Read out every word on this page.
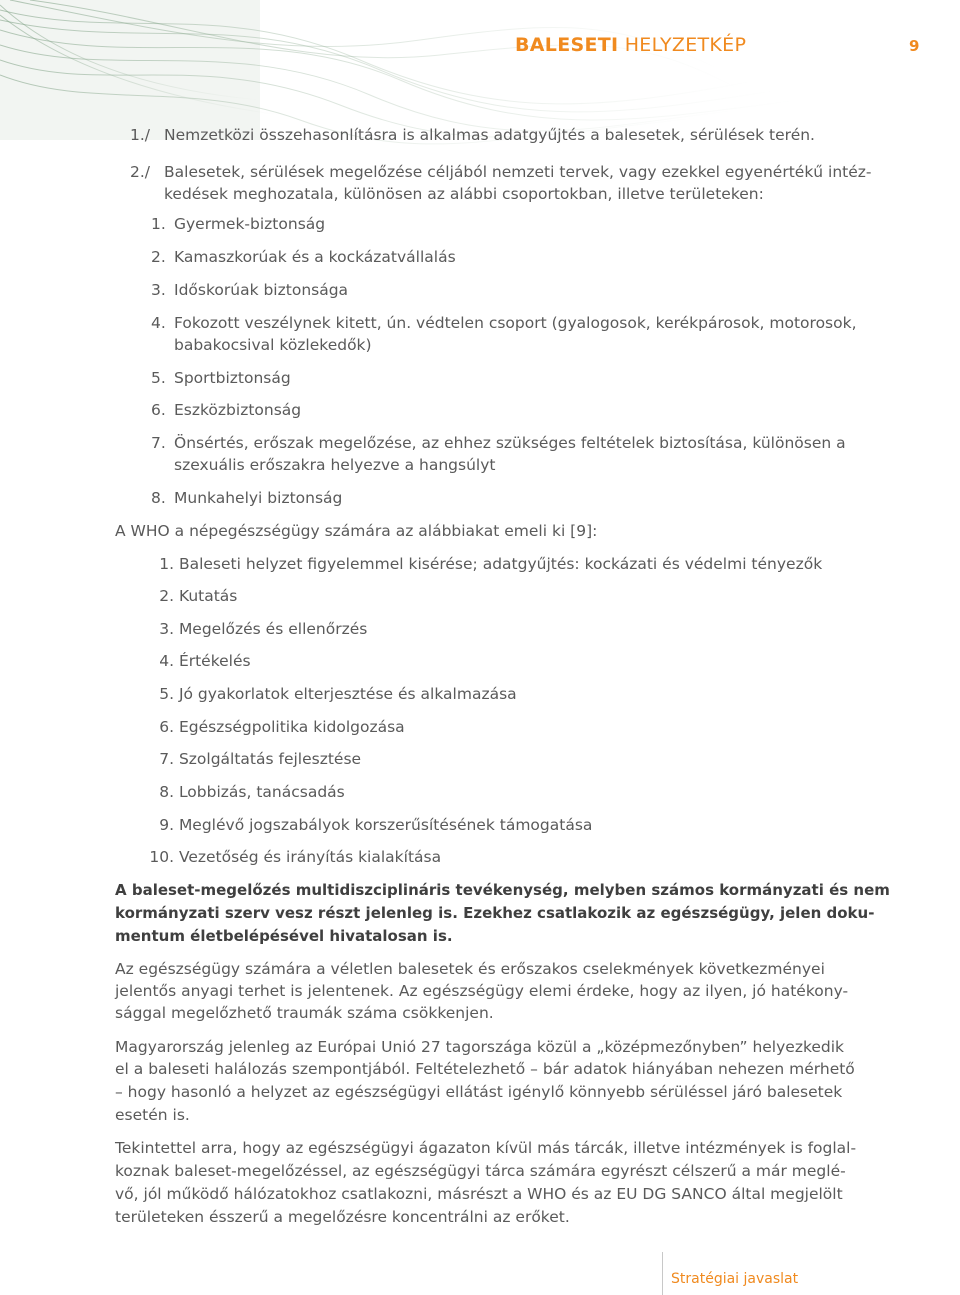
BALESETI HELYZETKÉP	9
1./ Nemzetközi összehasonlításra is alkalmas adatgyűjtés a balesetek, sérülések terén.
2./ Balesetek, sérülések megelőzése céljából nemzeti tervek, vagy ezekkel egyenértékű intéz-
kedések meghozatala, különösen az alábbi csoportokban, illetve területeken:
1. Gyermek-biztonság
2. Kamaszkorúak és a kockázatvállalás
3. Időskorúak biztonsága
4. Fokozott veszélynek kitett, ún. védtelen csoport (gyalogosok, kerékpárosok, motorosok,
babakocsival közlekedők)
5. Sportbiztonság
6. Eszközbiztonság
7. Önsértés, erőszak megelőzése, az ehhez szükséges feltételek biztosítása, különösen a
szexuális erőszakra helyezve a hangsúlyt
8. Munkahelyi biztonság
A WHO a népegészségügy számára az alábbiakat emeli ki [9]:
1. Baleseti helyzet figyelemmel kisérése; adatgyűjtés: kockázati és védelmi tényezők
2. Kutatás
3. Megelőzés és ellenőrzés
4. Értékelés
5. Jó gyakorlatok elterjesztése és alkalmazása
6. Egészségpolitika kidolgozása
7. Szolgáltatás fejlesztése
8. Lobbizás, tanácsadás
9. Meglévő jogszabályok korszerűsítésének támogatása
10. Vezetőség és irányítás kialakítása
A baleset-megelőzés multidiszciplináris tevékenység, melyben számos kormányzati és nem
kormányzati szerv vesz részt jelenleg is. Ezekhez csatlakozik az egészségügy, jelen doku-
mentum életbelépésével hivatalosan is.
Az egészségügy számára a véletlen balesetek és erőszakos cselekmények következményei
jelentős anyagi terhet is jelentenek. Az egészségügy elemi érdeke, hogy az ilyen, jó hatékony-
sággal megelőzhető traumák száma csökkenjen.
Magyarország jelenleg az Európai Unió 27 tagországa közül a „középmezőnyben” helyezkedik
el a baleseti halálozás szempontjából. Feltételezhető – bár adatok hiányában nehezen mérhető
– hogy hasonló a helyzet az egészségügyi ellátást igénylő könnyebb sérüléssel járó balesetek
esetén is.
Tekintettel arra, hogy az egészségügyi ágazaton kívül más tárcák, illetve intézmények is foglal-
koznak baleset-megelőzéssel, az egészségügyi tárca számára egyrészt célszerű a már meglé-
vő, jól működő hálózatokhoz csatlakozni, másrészt a WHO és az EU DG SANCO által megjelölt
területeken ésszerű a megelőzésre koncentrálni az erőket.
Stratégiai javaslat
